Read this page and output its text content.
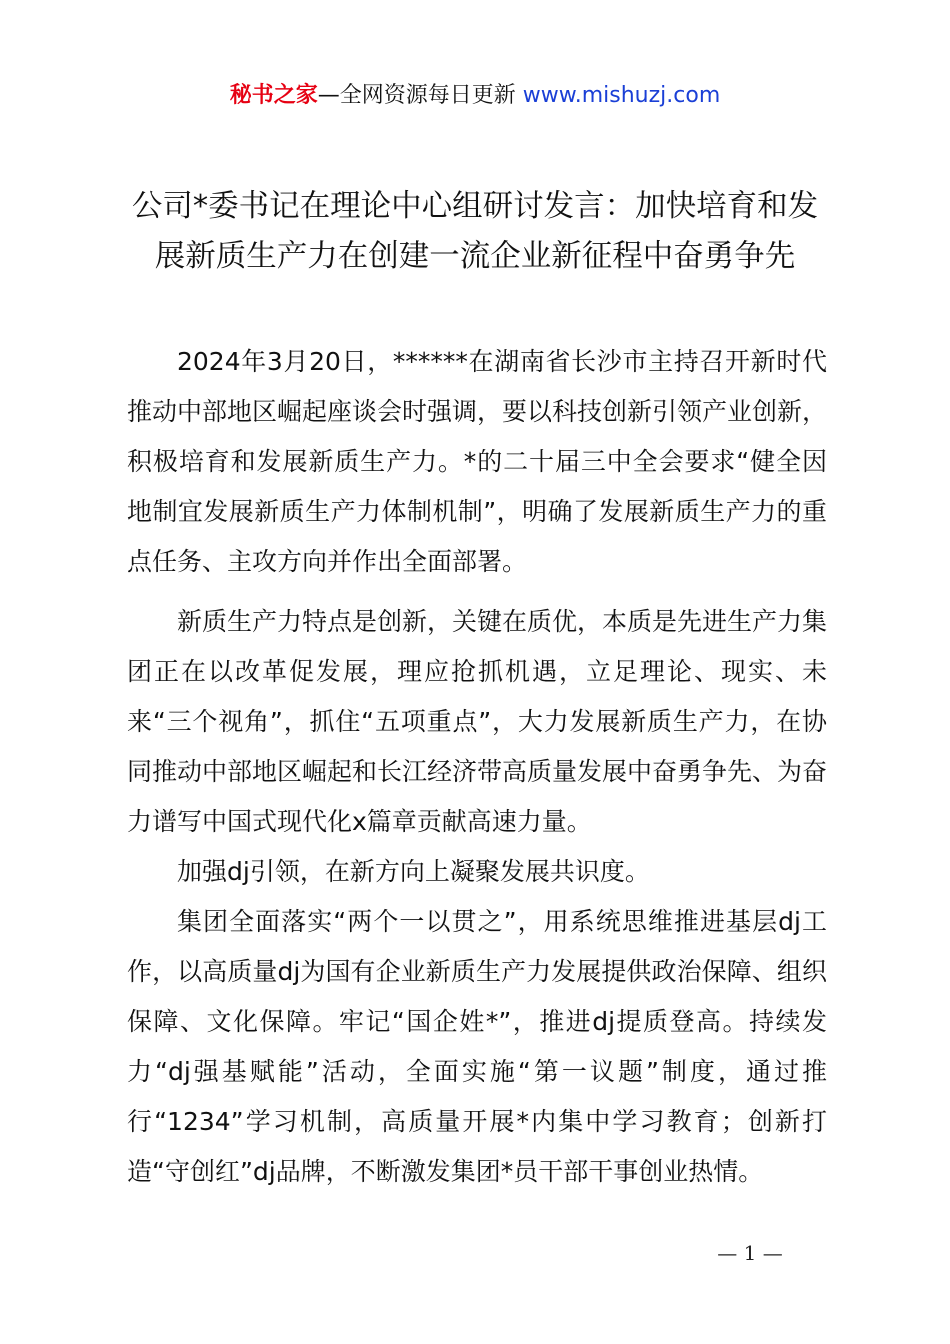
秘书之家—全网资源每日更新 www.mishuzj.com
公司*委书记在理论中心组研讨发言：加快培育和发展新质生产力在创建一流企业新征程中奋勇争先

2024年3月20日，******在湖南省长沙市主持召开新时代推动中部地区崛起座谈会时强调，要以科技创新引领产业创新，积极培育和发展新质生产力。*的二十届三中全会要求“健全因地制宜发展新质生产力体制机制”，明确了发展新质生产力的重点任务、主攻方向并作出全面部署。

新质生产力特点是创新，关键在质优，本质是先进生产力集团正在以改革促发展，理应抢抓机遇，立足理论、现实、未来“三个视角”，抓住“五项重点”，大力发展新质生产力，在协同推动中部地区崛起和长江经济带高质量发展中奋勇争先、为奋力谱写中国式现代化x篇章贡献高速力量。

加强dj引领，在新方向上凝聚发展共识度。

集团全面落实“两个一以贯之”，用系统思维推进基层dj工作，以高质量dj为国有企业新质生产力发展提供政治保障、组织保障、文化保障。牢记“国企姓*”，推进dj提质登高。持续发力“dj强基赋能”活动，全面实施“第一议题”制度，通过推行“1234”学习机制，高质量开展*内集中学习教育；创新打造“守创红”dj品牌，不断激发集团*员干部干事创业热情。

— 1 —
